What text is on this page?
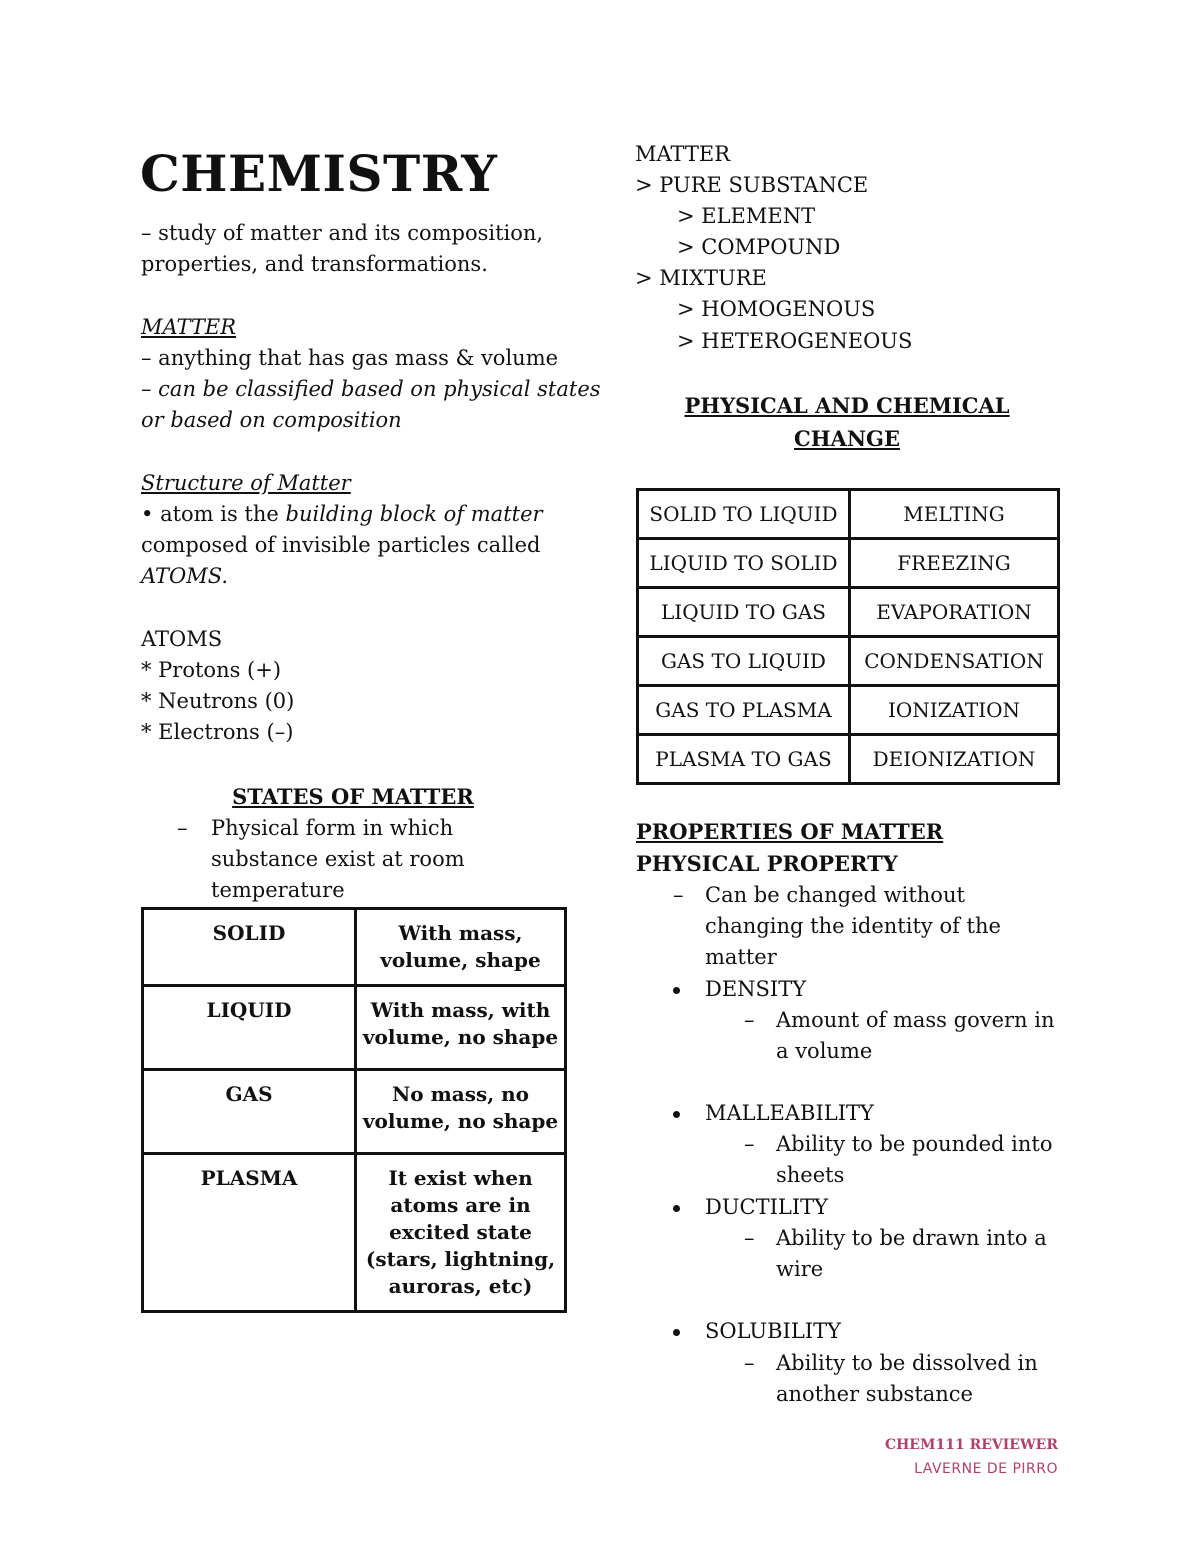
CHEMISTRY
– study of matter and its composition,
properties, and transformations.
MATTER
– anything that has gas mass & volume
– can be classified based on physical states
or based on composition
Structure of Matter
• atom is the building block of matter
composed of invisible particles called
ATOMS.
ATOMS
* Protons (+)
* Neutrons (0)
* Electrons (–)
STATES OF MATTER
– Physical form in which
substance exist at room
temperature
SOLID	With mass,
volume, shape

LIQUID	With mass, with
volume, no shape

GAS	No mass, no
volume, no shape

PLASMA	It exist when
atoms are in
excited state
(stars, lightning,
auroras, etc)
MATTER
> PURE SUBSTANCE
> ELEMENT
> COMPOUND
> MIXTURE
> HOMOGENOUS
> HETEROGENEOUS
PHYSICAL AND CHEMICAL
CHANGE
SOLID TO LIQUID	MELTING
LIQUID TO SOLID	FREEZING
LIQUID TO GAS	EVAPORATION
GAS TO LIQUID	CONDENSATION
GAS TO PLASMA	IONIZATION
PLASMA TO GAS	DEIONIZATION
PROPERTIES OF MATTER
PHYSICAL PROPERTY
– Can be changed without
changing the identity of the
matter
DENSITY
– Amount of mass govern in
a volume
MALLEABILITY
– Ability to be pounded into
sheets
DUCTILITY
– Ability to be drawn into a
wire
SOLUBILITY
– Ability to be dissolved in
another substance
CHEM111 REVIEWER
LAVERNE DE PIRRO
